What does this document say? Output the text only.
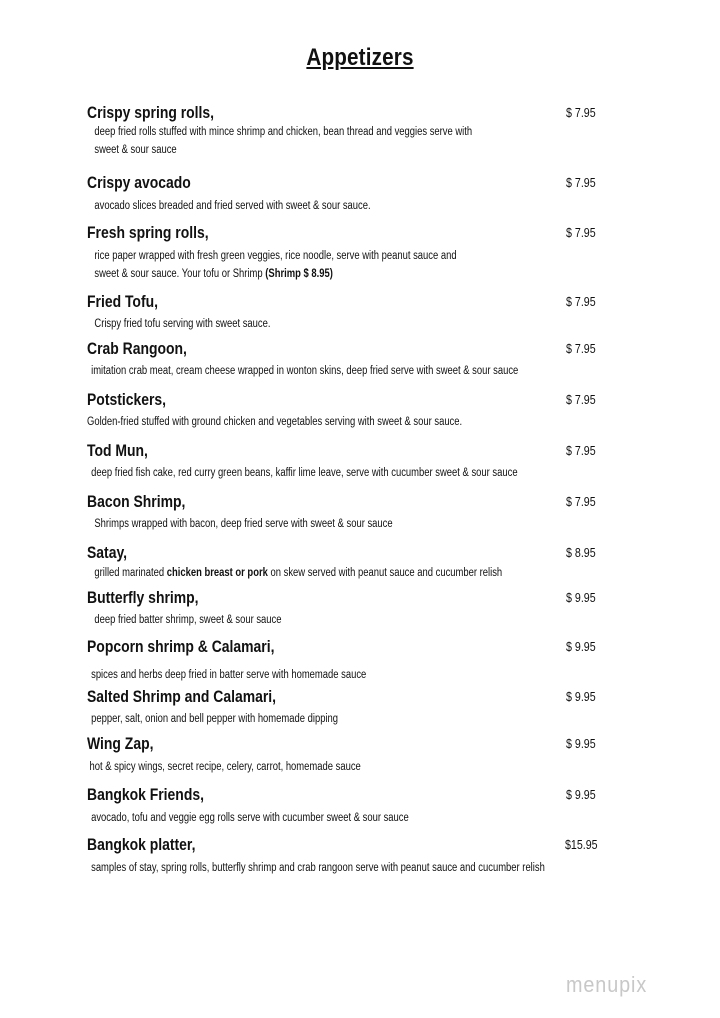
Appetizers
Crispy spring rolls,	$ 7.95
deep fried rolls stuffed with mince shrimp and chicken, bean thread and veggies serve with
sweet & sour sauce
Crispy avocado	$ 7.95
avocado slices breaded and fried served with sweet & sour sauce.
Fresh spring rolls,	$ 7.95
rice paper wrapped with fresh green veggies, rice noodle, serve with peanut sauce and
sweet & sour sauce. Your tofu or Shrimp (Shrimp $ 8.95)
Fried Tofu,	$ 7.95
Crispy fried tofu serving with sweet sauce.
Crab Rangoon,	$ 7.95
imitation crab meat, cream cheese wrapped in wonton skins, deep fried serve with sweet & sour sauce
Potstickers,	$ 7.95
Golden-fried stuffed with ground chicken and vegetables serving with sweet & sour sauce.
Tod Mun,	$ 7.95
deep fried fish cake, red curry green beans, kaffir lime leave, serve with cucumber sweet & sour sauce
Bacon Shrimp,	$ 7.95
Shrimps wrapped with bacon, deep fried serve with sweet & sour sauce
Satay,	$ 8.95
grilled marinated chicken breast or pork on skew served with peanut sauce and cucumber relish
Butterfly shrimp,	$ 9.95
deep fried batter shrimp, sweet & sour sauce
Popcorn shrimp & Calamari,	$ 9.95
spices and herbs deep fried in batter serve with homemade sauce
Salted Shrimp and Calamari,	$ 9.95
pepper, salt, onion and bell pepper with homemade dipping
Wing Zap,	$ 9.95
hot & spicy wings, secret recipe, celery, carrot, homemade sauce
Bangkok Friends,	$ 9.95
avocado, tofu and veggie egg rolls serve with cucumber sweet & sour sauce
Bangkok platter,	$15.95
samples of stay, spring rolls, butterfly shrimp and crab rangoon serve with peanut sauce and cucumber relish
menupix
